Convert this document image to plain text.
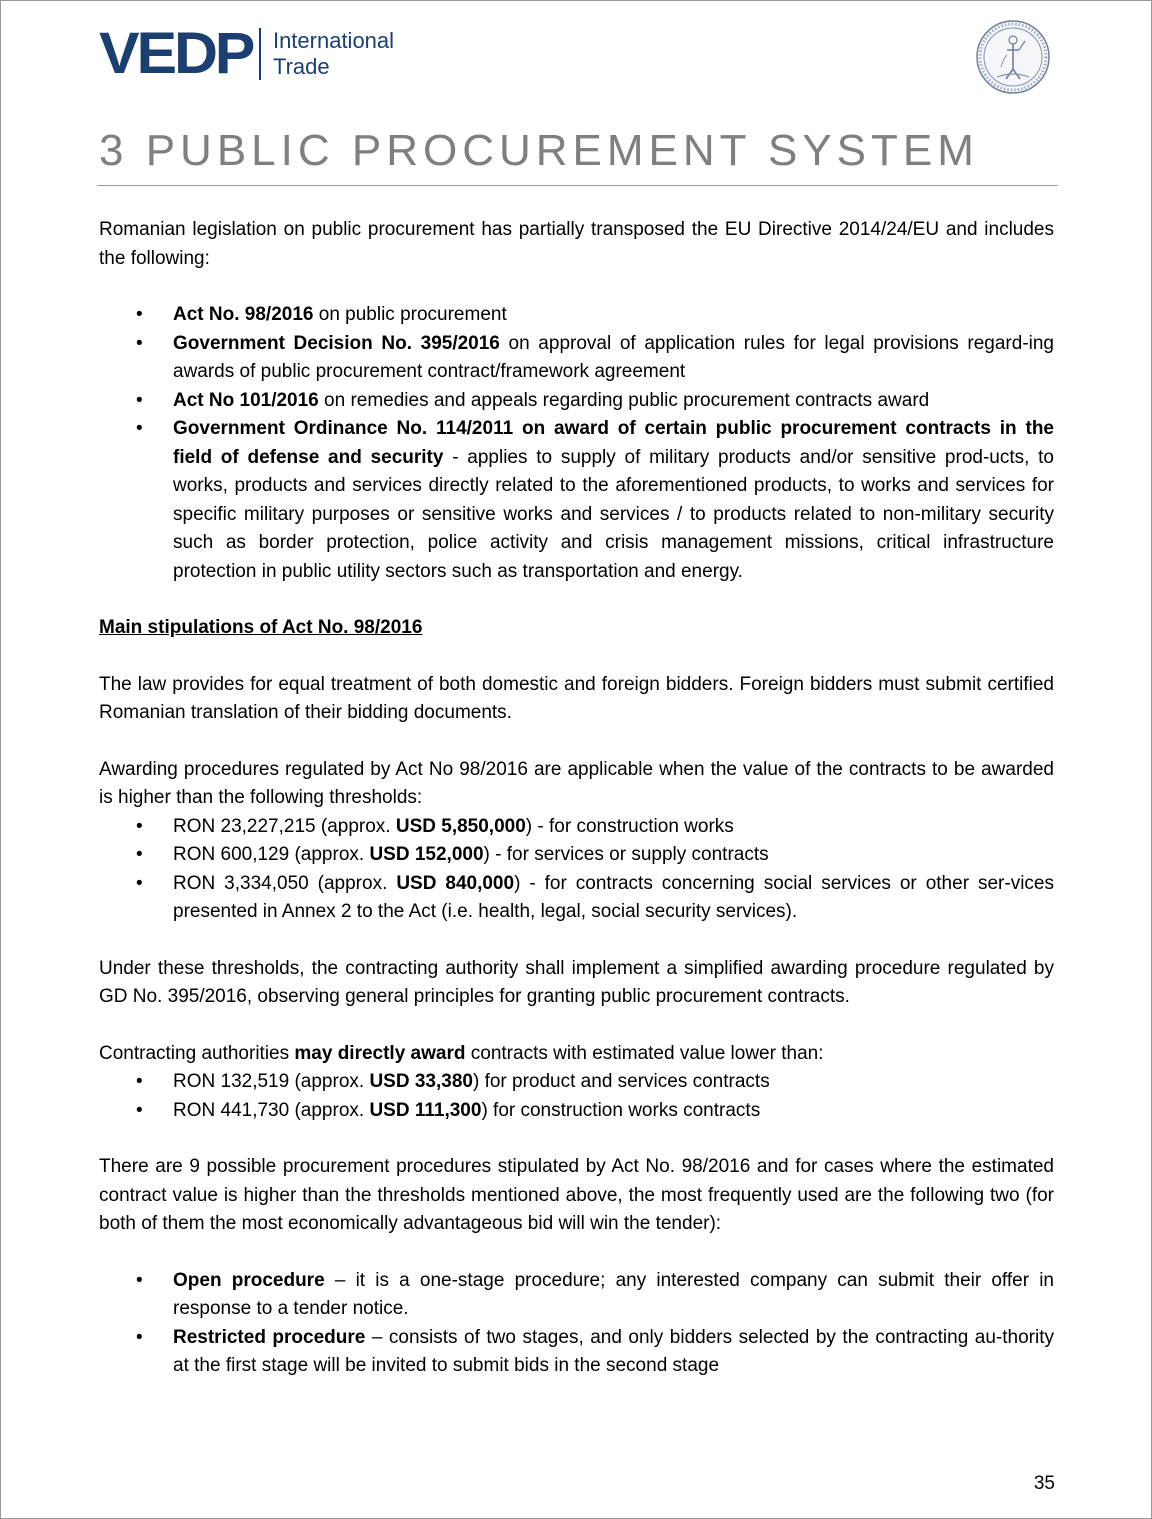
VEDP International
Trade
3 PUBLIC PROCUREMENT SYSTEM

Romanian legislation on public procurement has partially transposed the EU Directive 2014/24/EU and includes the following:

• Act No. 98/2016 on public procurement
• Government Decision No. 395/2016 on approval of application rules for legal provisions regard-ing awards of public procurement contract/framework agreement
• Act No 101/2016 on remedies and appeals regarding public procurement contracts award
• Government Ordinance No. 114/2011 on award of certain public procurement contracts in the field of defense and security - applies to supply of military products and/or sensitive prod-ucts, to works, products and services directly related to the aforementioned products, to works and services for specific military purposes or sensitive works and services / to products related to non-military security such as border protection, police activity and crisis management missions, critical infrastructure protection in public utility sectors such as transportation and energy.

Main stipulations of Act No. 98/2016

The law provides for equal treatment of both domestic and foreign bidders. Foreign bidders must submit certified Romanian translation of their bidding documents.

Awarding procedures regulated by Act No 98/2016 are applicable when the value of the contracts to be awarded is higher than the following thresholds:

• RON 23,227,215 (approx. USD 5,850,000) - for construction works
• RON 600,129 (approx. USD 152,000) - for services or supply contracts
• RON 3,334,050 (approx. USD 840,000) - for contracts concerning social services or other ser-vices presented in Annex 2 to the Act (i.e. health, legal, social security services).

Under these thresholds, the contracting authority shall implement a simplified awarding procedure regulated by GD No. 395/2016, observing general principles for granting public procurement contracts.

Contracting authorities may directly award contracts with estimated value lower than:

• RON 132,519 (approx. USD 33,380) for product and services contracts
• RON 441,730 (approx. USD 111,300) for construction works contracts

There are 9 possible procurement procedures stipulated by Act No. 98/2016 and for cases where the estimated contract value is higher than the thresholds mentioned above, the most frequently used are the following two (for both of them the most economically advantageous bid will win the tender):

• Open procedure – it is a one-stage procedure; any interested company can submit their offer in response to a tender notice.
• Restricted procedure – consists of two stages, and only bidders selected by the contracting au-thority at the first stage will be invited to submit bids in the second stage
35
